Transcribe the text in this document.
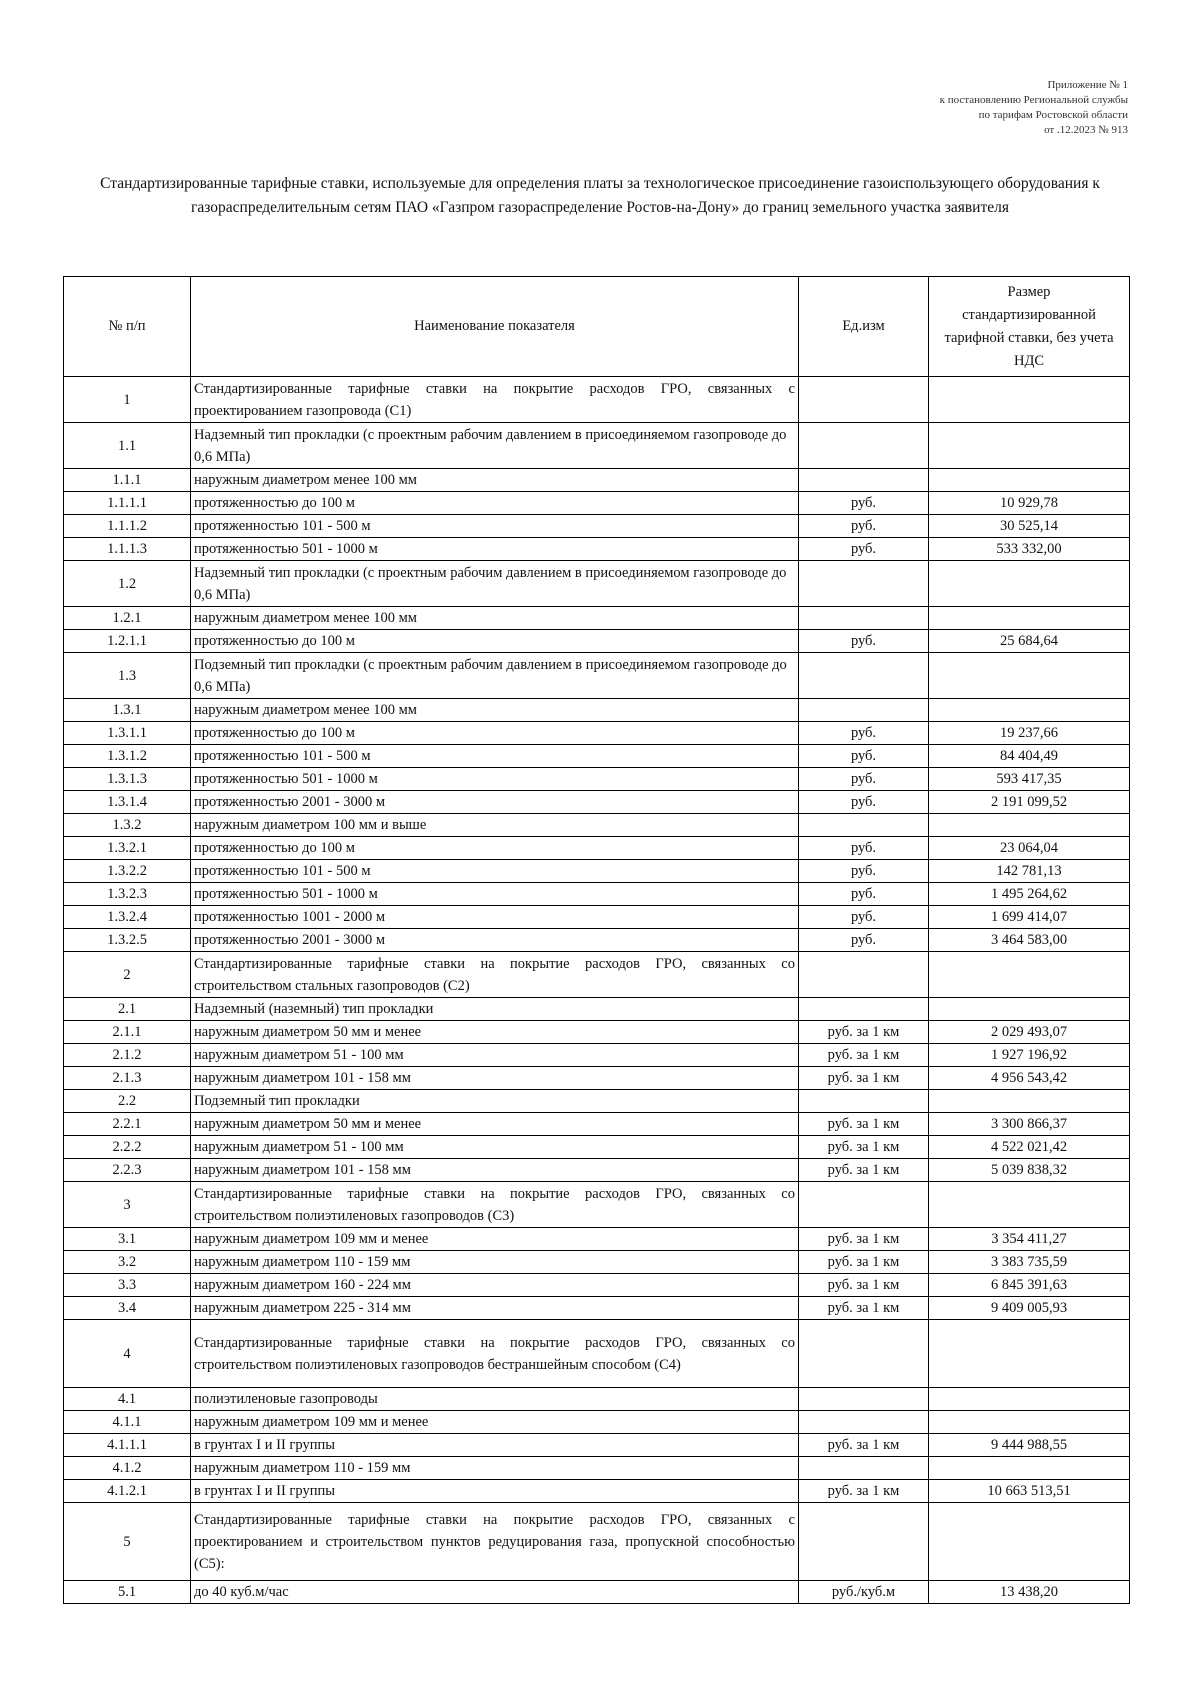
Приложение № 1
к постановлению Региональной службы
по тарифам Ростовской области
от .12.2023 № 913
Стандартизированные тарифные ставки, используемые для определения платы за технологическое присоединение газоиспользующего оборудования к газораспределительным сетям ПАО «Газпром газораспределение Ростов-на-Дону» до границ земельного участка заявителя
№ п/п	Наименование показателя	Ед.изм	Размер стандартизированной тарифной ставки, без учета НДС
1	Стандартизированные тарифные ставки на покрытие расходов ГРО, связанных с проектированием газопровода (С1)		
1.1	Надземный тип прокладки (с проектным рабочим давлением в присоединяемом газопроводе до 0,6 МПа)		
1.1.1	наружным диаметром менее 100 мм		
1.1.1.1	протяженностью до 100 м	руб.	10 929,78
1.1.1.2	протяженностью 101 - 500 м	руб.	30 525,14
1.1.1.3	протяженностью 501 - 1000 м	руб.	533 332,00
1.2	Надземный тип прокладки (с проектным рабочим давлением в присоединяемом газопроводе до 0,6 МПа)		
1.2.1	наружным диаметром менее 100 мм		
1.2.1.1	протяженностью до 100 м	руб.	25 684,64
1.3	Подземный тип прокладки (с проектным рабочим давлением в присоединяемом газопроводе до 0,6 МПа)		
1.3.1	наружным диаметром менее 100 мм		
1.3.1.1	протяженностью до 100 м	руб.	19 237,66
1.3.1.2	протяженностью 101 - 500 м	руб.	84 404,49
1.3.1.3	протяженностью 501 - 1000 м	руб.	593 417,35
1.3.1.4	протяженностью 2001 - 3000 м	руб.	2 191 099,52
1.3.2	наружным диаметром 100 мм и выше		
1.3.2.1	протяженностью до 100 м	руб.	23 064,04
1.3.2.2	протяженностью 101 - 500 м	руб.	142 781,13
1.3.2.3	протяженностью 501 - 1000 м	руб.	1 495 264,62
1.3.2.4	протяженностью 1001 - 2000 м	руб.	1 699 414,07
1.3.2.5	протяженностью 2001 - 3000 м	руб.	3 464 583,00
2	Стандартизированные тарифные ставки на покрытие расходов ГРО, связанных со строительством стальных газопроводов (С2)		
2.1	Надземный (наземный) тип прокладки		
2.1.1	наружным диаметром 50 мм и менее	руб. за 1 км	2 029 493,07
2.1.2	наружным диаметром 51 - 100 мм	руб. за 1 км	1 927 196,92
2.1.3	наружным диаметром 101 - 158 мм	руб. за 1 км	4 956 543,42
2.2	Подземный тип прокладки		
2.2.1	наружным диаметром 50 мм и менее	руб. за 1 км	3 300 866,37
2.2.2	наружным диаметром 51 - 100 мм	руб. за 1 км	4 522 021,42
2.2.3	наружным диаметром 101 - 158 мм	руб. за 1 км	5 039 838,32
3	Стандартизированные тарифные ставки на покрытие расходов ГРО, связанных со строительством полиэтиленовых газопроводов (С3)		
3.1	наружным диаметром 109 мм и менее	руб. за 1 км	3 354 411,27
3.2	наружным диаметром 110 - 159 мм	руб. за 1 км	3 383 735,59
3.3	наружным диаметром 160 - 224 мм	руб. за 1 км	6 845 391,63
3.4	наружным диаметром 225 - 314 мм	руб. за 1 км	9 409 005,93
4	Стандартизированные тарифные ставки на покрытие расходов ГРО, связанных со строительством полиэтиленовых газопроводов бестраншейным способом (С4)		
4.1	полиэтиленовые газопроводы		
4.1.1	наружным диаметром 109 мм и менее		
4.1.1.1	в грунтах I и II группы	руб. за 1 км	9 444 988,55
4.1.2	наружным диаметром 110 - 159 мм		
4.1.2.1	в грунтах I и II группы	руб. за 1 км	10 663 513,51
5	Стандартизированные тарифные ставки на покрытие расходов ГРО, связанных с проектированием и строительством пунктов редуцирования газа, пропускной способностью (С5):		
5.1	до 40 куб.м/час	руб./куб.м	13 438,20
